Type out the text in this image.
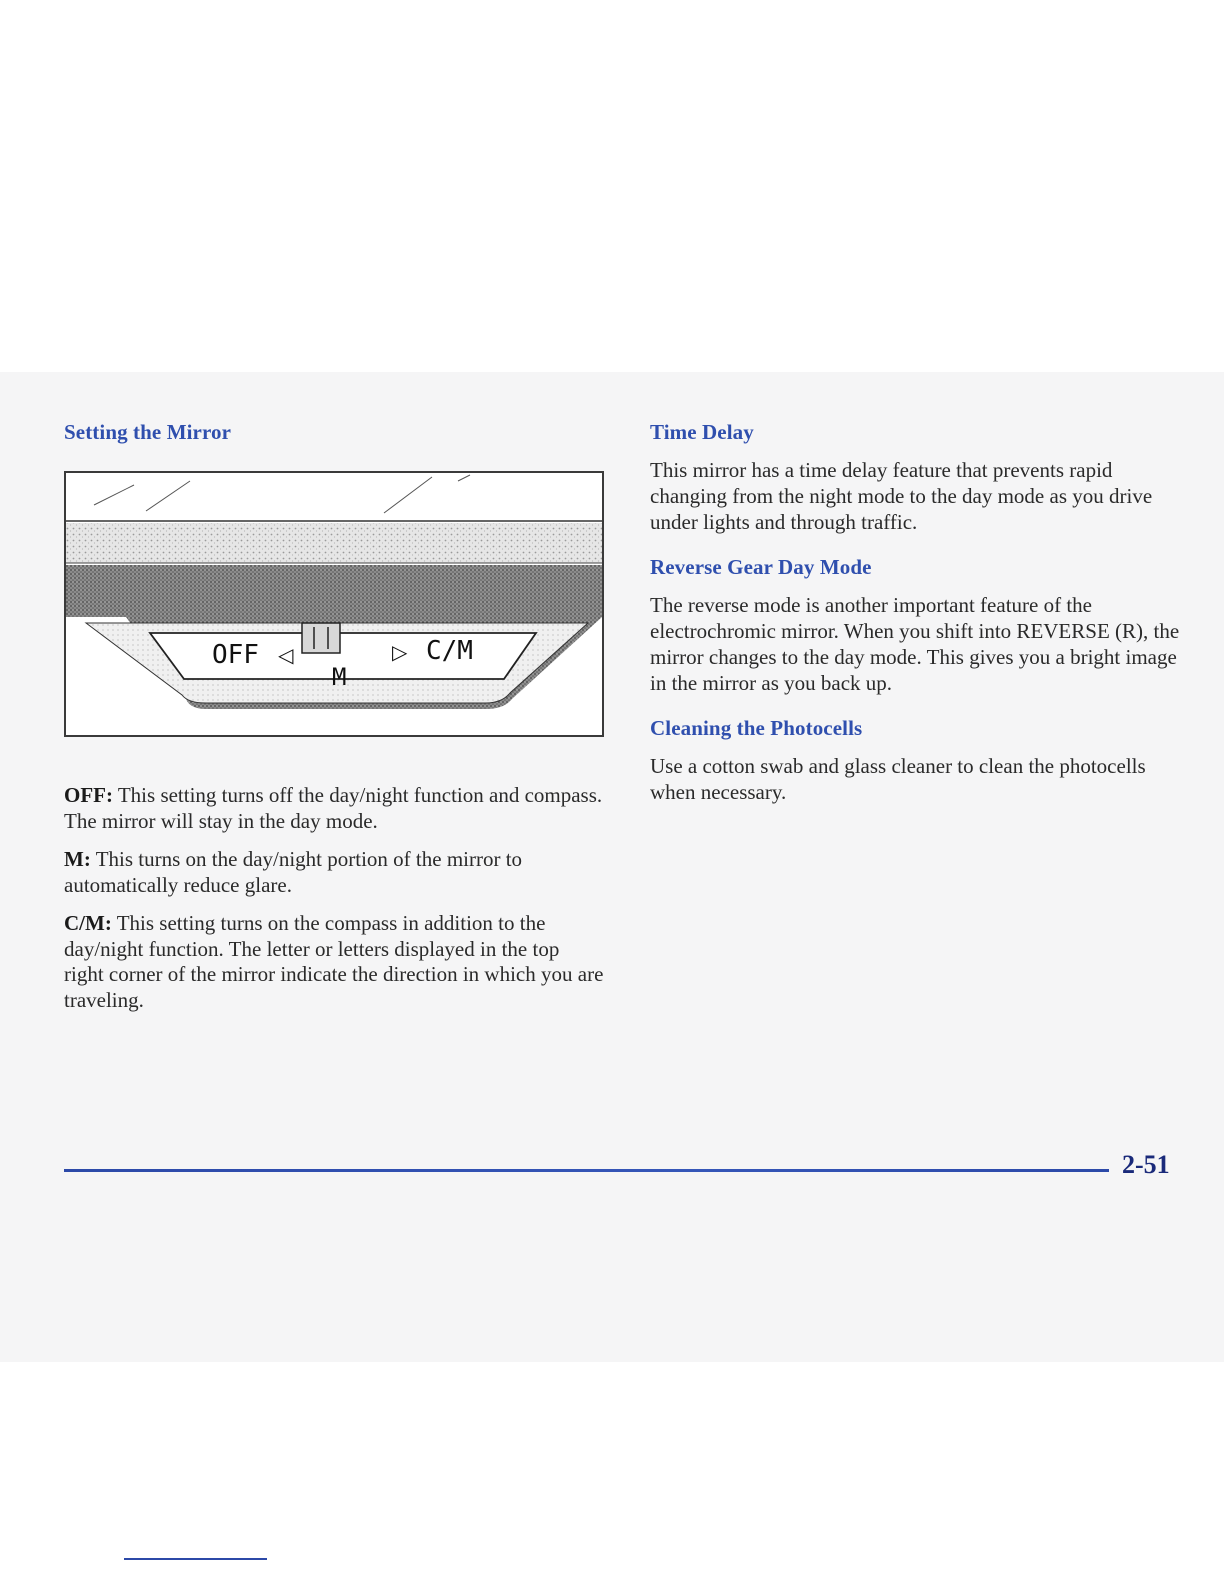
Setting the Mirror
OFF ◁
M
▷ C/M

OFF: This setting turns off the day/night function and compass. The mirror will stay in the day mode.

M: This turns on the day/night portion of the mirror to automatically reduce glare.

C/M: This setting turns on the compass in addition to the day/night function. The letter or letters displayed in the top right corner of the mirror indicate the direction in which you are traveling.

Time Delay

This mirror has a time delay feature that prevents rapid changing from the night mode to the day mode as you drive under lights and through traffic.

Reverse Gear Day Mode

The reverse mode is another important feature of the electrochromic mirror. When you shift into REVERSE (R), the mirror changes to the day mode. This gives you a bright image in the mirror as you back up.

Cleaning the Photocells

Use a cotton swab and glass cleaner to clean the photocells when necessary.

2-51
